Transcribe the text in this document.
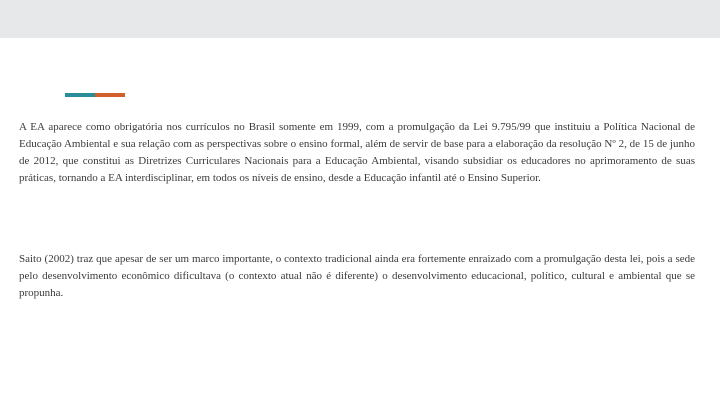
A EA aparece como obrigatória nos currículos no Brasil somente em 1999, com a promulgação da Lei 9.795/99 que instituiu a Política Nacional de Educação Ambiental e sua relação com as perspectivas sobre o ensino formal, além de servir de base para a elaboração da resolução Nº 2, de 15 de junho de 2012, que constitui as Diretrizes Curriculares Nacionais para a Educação Ambiental, visando subsidiar os educadores no aprimoramento de suas práticas, tornando a EA interdisciplinar, em todos os níveis de ensino, desde a Educação infantil até o Ensino Superior.

Saito (2002) traz que apesar de ser um marco importante, o contexto tradicional ainda era fortemente enraizado com a promulgação desta lei, pois a sede pelo desenvolvimento econômico dificultava (o contexto atual não é diferente) o desenvolvimento educacional, político, cultural e ambiental que se propunha.
